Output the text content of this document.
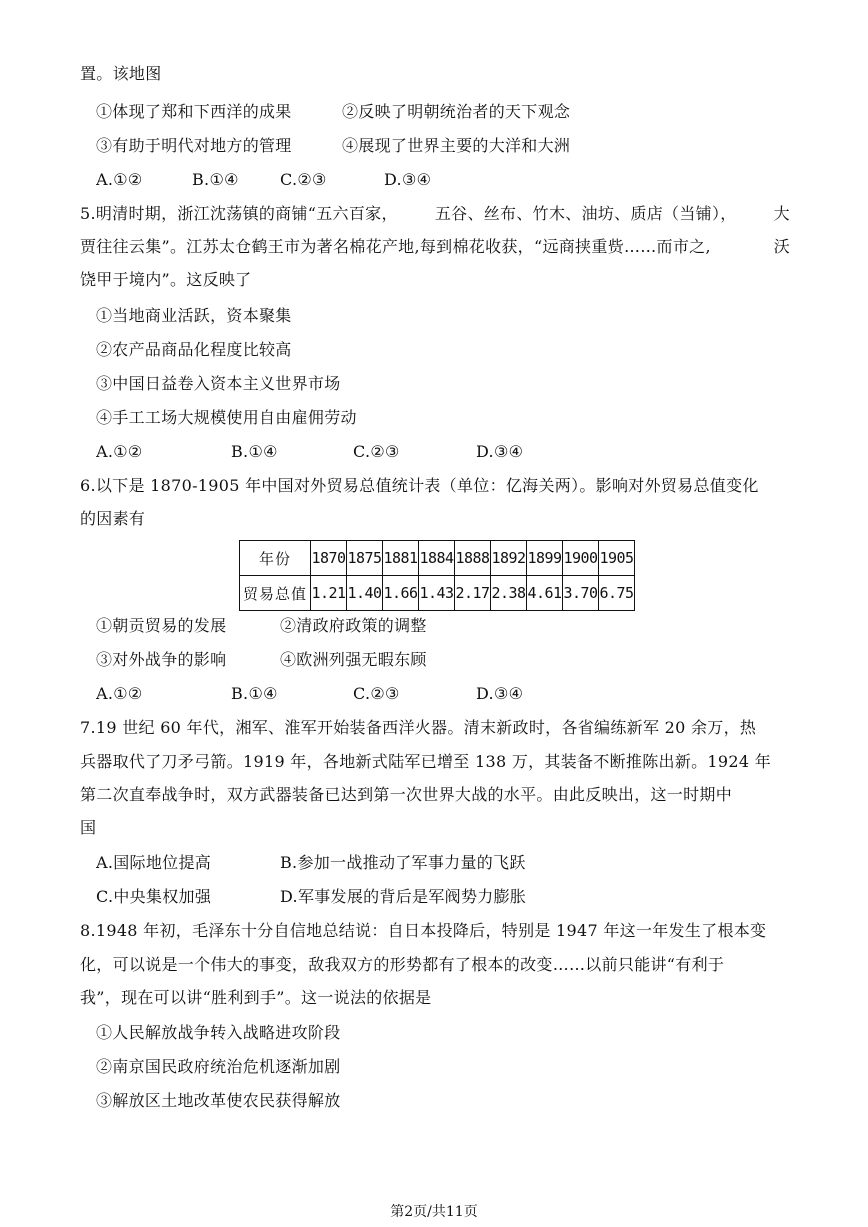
置。该地图
①体现了郑和下西洋的成果	②反映了明朝统治者的天下观念
③有助于明代对地方的管理	④展现了世界主要的大洋和大洲
A.①②	B.①④	C.②③	D.③④
5.明清时期，浙江沈荡镇的商铺“五六百家， 五谷、丝布、竹木、油坊、质店（当铺）， 大
贾往往云集”。江苏太仓鹤王市为著名棉花产地,每到棉花收获，“远商挟重赀……而市之,	沃
饶甲于境内”。这反映了
①当地商业活跃，资本聚集
②农产品商品化程度比较高
③中国日益卷入资本主义世界市场
④手工工场大规模使用自由雇佣劳动
A.①②	B.①④	C.②③	D.③④
6.以下是 1870-1905 年中国对外贸易总值统计表（单位：亿海关两）。影响对外贸易总值变化
的因素有
年份	1870	1875	1881	1884	1888	1892	1899	1900	1905
贸易总值	1.21	1.40	1.66	1.43	2.17	2.38	4.61	3.70	6.75
①朝贡贸易的发展	②清政府政策的调整
③对外战争的影响	④欧洲列强无暇东顾
A.①②	B.①④	C.②③	D.③④
7.19 世纪 60 年代，湘军、淮军开始装备西洋火器。清末新政时，各省编练新军 20 余万，热
兵器取代了刀矛弓箭。1919 年，各地新式陆军已增至 138 万，其装备不断推陈出新。1924 年
第二次直奉战争时，双方武器装备已达到第一次世界大战的水平。由此反映出，这一时期中
国
A.国际地位提高	B.参加一战推动了军事力量的飞跃
C.中央集权加强	D.军事发展的背后是军阀势力膨胀
8.1948 年初，毛泽东十分自信地总结说：自日本投降后，特别是 1947 年这一年发生了根本变
化，可以说是一个伟大的事变，敌我双方的形势都有了根本的改变……以前只能讲“有利于
我”，现在可以讲“胜利到手”。这一说法的依据是
①人民解放战争转入战略进攻阶段
②南京国民政府统治危机逐渐加剧
③解放区土地改革使农民获得解放
第2页/共11页
